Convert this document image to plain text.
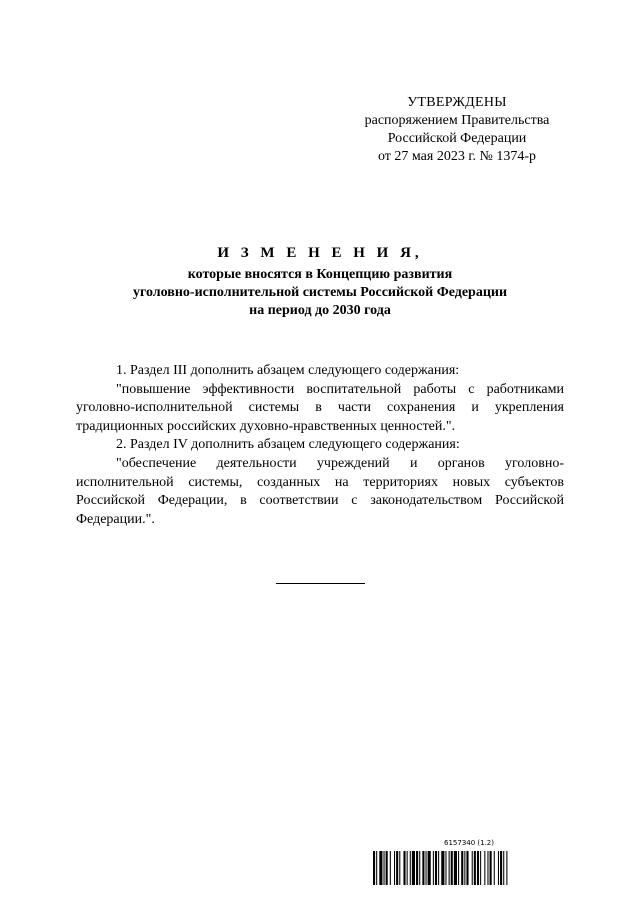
УТВЕРЖДЕНЫ
распоряжением Правительства
Российской Федерации
от 27 мая 2023 г. № 1374-р
И З М Е Н Е Н И Я,
которые вносятся в Концепцию развития
уголовно-исполнительной системы Российской Федерации
на период до 2030 года

1. Раздел III дополнить абзацем следующего содержания:

"повышение эффективности воспитательной работы с работниками уголовно-исполнительной системы в части сохранения и укрепления традиционных российских духовно-нравственных ценностей.".

2. Раздел IV дополнить абзацем следующего содержания:

"обеспечение деятельности учреждений и органов уголовно-исполнительной системы, созданных на территориях новых субъектов Российской Федерации, в соответствии с законодательством Российской Федерации.".

6157340 (1.2)
